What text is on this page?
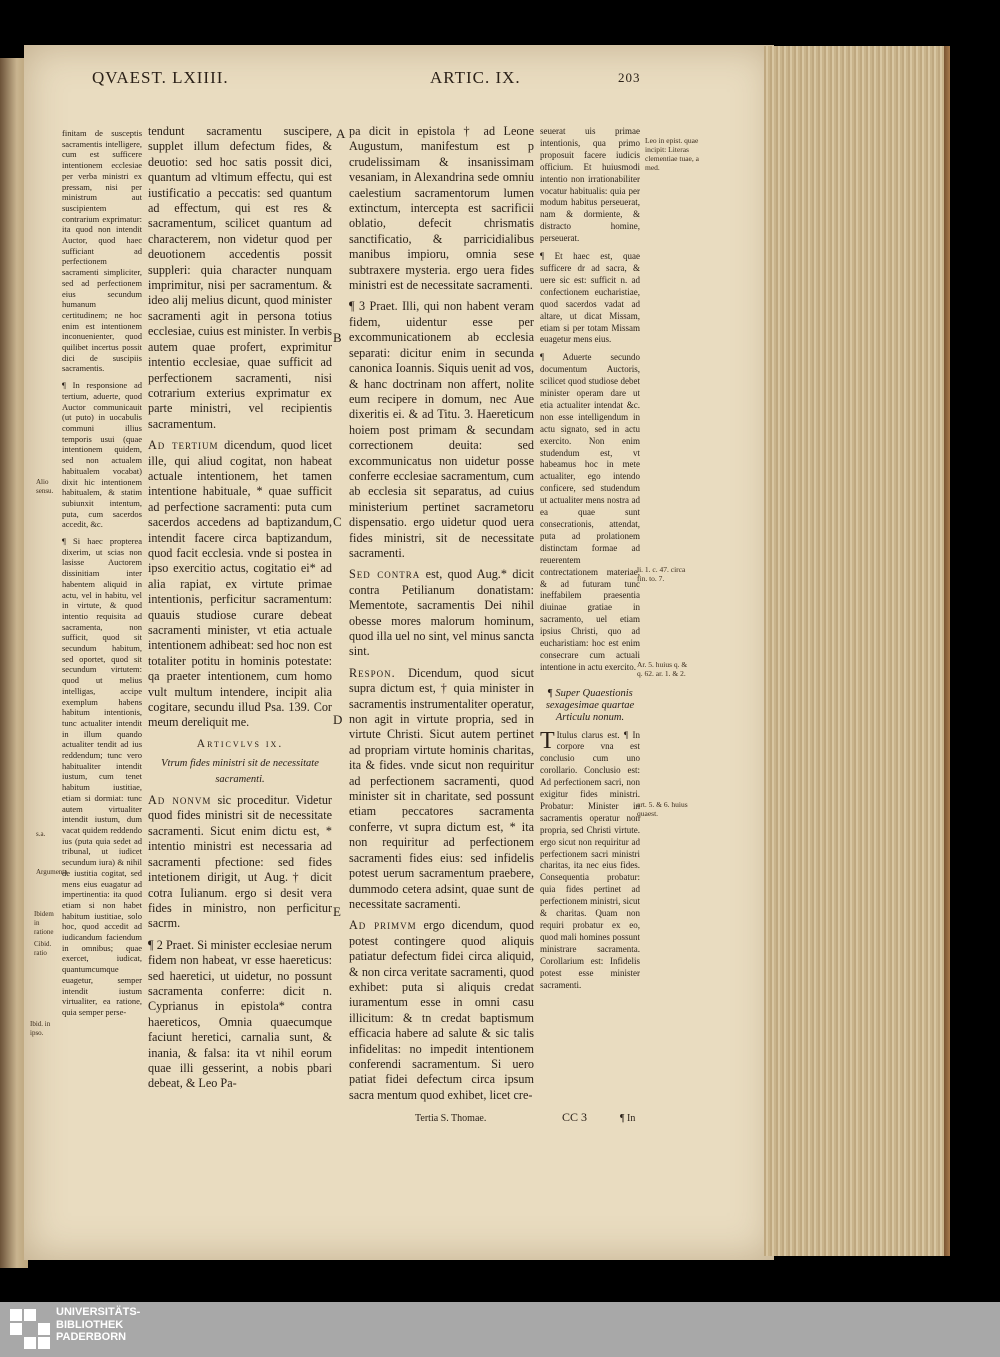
QVAEST. LXIIII.	ARTIC. IX.	203

finitam de susceptis sacramentis intelligere, cum est sufficere intentionem ecclesiae per verba ministri ex pressam, nisi per ministrum aut suscipientem contrarium exprimatur: ita quod non intendit Auctor, quod haec sufficiant ad perfectionem sacramenti simpliciter, sed ad perfectionem eius secundum humanum certitudinem; ne hoc enim est intentionem inconuenienter, quod quilibet incertus possit dici de suscipiis sacramentis.

¶ In responsione ad tertium, aduerte, quod Auctor communicauit (ut puto) in uocabulis communi illius temporis usui (quae intentionem quidem, sed non actualem habitualem vocabat) dixit hic intentionem habitualem, & statim subiunxit intentum, puta, cum sacerdos accedit, &c.

¶ Si haec propterea dixerim, ut scias non lasisse Auctorem dissinitiam inter habentem aliquid in actu, vel in habitu, vel in virtute, & quod intentio requisita ad sacramenta, non sufficit, quod sit secundum habitum, sed oportet, quod sit secundum virtutem: quod ut melius intelligas, accipe exemplum habens habitum intentionis, tunc actualiter intendit in illum quando actualiter tendit ad ius reddendum; tunc vero habitualiter intendit iustum, cum tenet habitum iustitiae, etiam si dormiat: tunc autem virtualiter intendit iustum, dum vacat quidem reddendo ius (puta quia sedet ad tribunal, ut iudicet secundum iura) & nihil de iustitia cogitat, sed mens eius euagatur ad impertinentia: ita quod etiam si non habet habitum iustitiae, solo hoc, quod accedit ad iudicandum faciendum in omnibus; quae exercet, iudicat, quantumcumque euagetur, semper intendit iustum virtualiter, ea ratione, quia semper perse-

Alio sensu.
s.a.
Argumenta
Ibidem in ratione
Cibid. ratio
Ibid. in ipso.

tendunt sacramentu suscipere, supplet illum defectum fides, & deuotio: sed hoc satis possit dici, quantum ad vltimum effectu, qui est iustificatio a peccatis: sed quantum ad effectum, qui est res & sacramentum, scilicet quantum ad characterem, non videtur quod per deuotionem accedentis possit suppleri: quia character nunquam imprimitur, nisi per sacramentum. & ideo alij melius dicunt, quod minister sacramenti agit in persona totius ecclesiae, cuius est minister. In verbis autem quae profert, exprimitur intentio ecclesiae, quae sufficit ad perfectionem sacramenti, nisi cotrarium exterius exprimatur ex parte ministri, vel recipientis sacramentum.

Ad tertium dicendum, quod licet ille, qui aliud cogitat, non habeat actuale intentionem, het tamen intentione habituale, * quae sufficit ad perfectione sacramenti: puta cum sacerdos accedens ad baptizandum, intendit facere circa baptizandum, quod facit ecclesia. vnde si postea in ipso exercitio actus, cogitatio ei* ad alia rapiat, ex virtute primae intentionis, perficitur sacramentum: quauis studiose curare debeat sacramenti minister, vt etia actuale intentionem adhibeat: sed hoc non est totaliter potitu in hominis potestate: qa praeter intentionem, cum homo vult multum intendere, incipit alia cogitare, secundu illud Psa. 139. Cor meum dereliquit me.

Articvlvs ix.
Vtrum fides ministri sit de necessitate sacramenti.

Ad nonvm sic proceditur. Videtur quod fides ministri sit de necessitate sacramenti. Sicut enim dictu est, * intentio ministri est necessaria ad sacramenti pfectione: sed fides intetionem dirigit, ut Aug.† dicit cotra Iulianum. ergo si desit vera fides in ministro, non perficitur sacrm.

¶ 2 Praet. Si minister ecclesiae nerum fidem non habeat, vr esse haereticus: sed haeretici, ut uidetur, no possunt sacramenta conferre: dicit n. Cyprianus in epistola* contra haereticos, Omnia quaecumque faciunt heretici, carnalia sunt, & inania, & falsa: ita vt nihil eorum quae illi gesserint, a nobis pbari debeat, & Leo Pa-

A
B
C
D
E

pa dicit in epistola † ad Leone Augustum, manifestum est p crudelissimam & insanissimam vesaniam, in Alexandrina sede omniu caelestium sacramentorum lumen extinctum, intercepta est sacrificii oblatio, defecit chrismatis sanctificatio, & parricidialibus manibus impioru, omnia sese subtraxere mysteria. ergo uera fides ministri est de necessitate sacramenti.

¶ 3 Praet. Illi, qui non habent veram fidem, uidentur esse per excommunicationem ab ecclesia separati: dicitur enim in secunda canonica Ioannis. Siquis uenit ad vos, & hanc doctrinam non affert, nolite eum recipere in domum, nec Aue dixeritis ei. & ad Titu. 3. Haereticum hoiem post primam & secundam correctionem deuita: sed excommunicatus non uidetur posse conferre ecclesiae sacramentum, cum ab ecclesia sit separatus, ad cuius ministerium pertinet sacrametoru dispensatio. ergo uidetur quod uera fides ministri, sit de necessitate sacramenti.

Sed contra est, quod Aug.* dicit contra Petilianum donatistam: Mementote, sacramentis Dei nihil obesse mores malorum hominum, quod illa uel no sint, vel minus sancta sint.

Respon. Dicendum, quod sicut supra dictum est, † quia minister in sacramentis instrumentaliter operatur, non agit in virtute propria, sed in virtute Christi. Sicut autem pertinet ad propriam virtute hominis charitas, ita & fides. vnde sicut non requiritur ad perfectionem sacramenti, quod minister sit in charitate, sed possunt etiam peccatores sacramenta conferre, vt supra dictum est, * ita non requiritur ad perfectionem sacramenti fides eius: sed infidelis potest uerum sacramentum praebere, dummodo cetera adsint, quae sunt de necessitate sacramenti.

Ad primvm ergo dicendum, quod potest contingere quod aliquis patiatur defectum fidei circa aliquid, & non circa veritate sacramenti, quod exhibet: puta si aliquis credat iuramentum esse in omni casu illicitum: & tn credat baptismum efficacia habere ad salute & sic talis infidelitas: no impedit intentionem conferendi sacramentum. Si uero patiat fidei defectum circa ipsum sacra mentum quod exhibet, licet cre-

seuerat uis primae intentionis, qua primo proposuit facere iudicis officium. Et huiusmodi intentio non irrationabiliter vocatur habitualis: quia per modum habitus perseuerat, nam & dormiente, & distracto homine, perseuerat.

¶ Et haec est, quae sufficere dr ad sacra, & uere sic est: sufficit n. ad confectionem eucharistiae, quod sacerdos vadat ad altare, ut dicat Missam, etiam si per totam Missam euagetur mens eius.

¶ Aduerte secundo documentum Auctoris, scilicet quod studiose debet minister operam dare ut etia actualiter intendat &c. non esse intelligendum in actu signato, sed in actu exercito. Non enim studendum est, vt habeamus hoc in mete actualiter, ego intendo conficere, sed studendum ut actualiter mens nostra ad ea quae sunt consecrationis, attendat, puta ad prolationem distinctam formae ad reuerentem contrectationem materiae, & ad futuram tunc ineffabilem praesentia diuinae gratiae in sacramento, uel etiam ipsius Christi, quo ad eucharistiam: hoc est enim consecrare cum actuali intentione in actu exercito.

¶ Super Quaestionis sexagesimae quartae Articulu nonum.

T Itulus clarus est. ¶ In corpore vna est conclusio cum uno corollario. Conclusio est: Ad perfectionem sacri, non exigitur fides ministri. Probatur: Minister in sacramentis operatur non propria, sed Christi virtute. ergo sicut non requiritur ad perfectionem sacri ministri charitas, ita nec eius fides. Consequentia probatur: quia fides pertinet ad perfectionem ministri, sicut & charitas. Quam non requiri probatur ex eo, quod mali homines possunt ministrare sacramenta. Corollarium est: Infidelis potest esse minister sacramenti.

Leo in epist. quae incipit: Literas clementiae tuae, a med.
li. 1. c. 47. circa fin. to. 7.
Ar. 5. huius q. & q. 62. ar. 1. & 2.
art. 5. & 6. huius quaest.
Tertia S. Thomae.	CC 3	¶ In
UNIVERSITÄTS-
BIBLIOTHEK
PADERBORN
